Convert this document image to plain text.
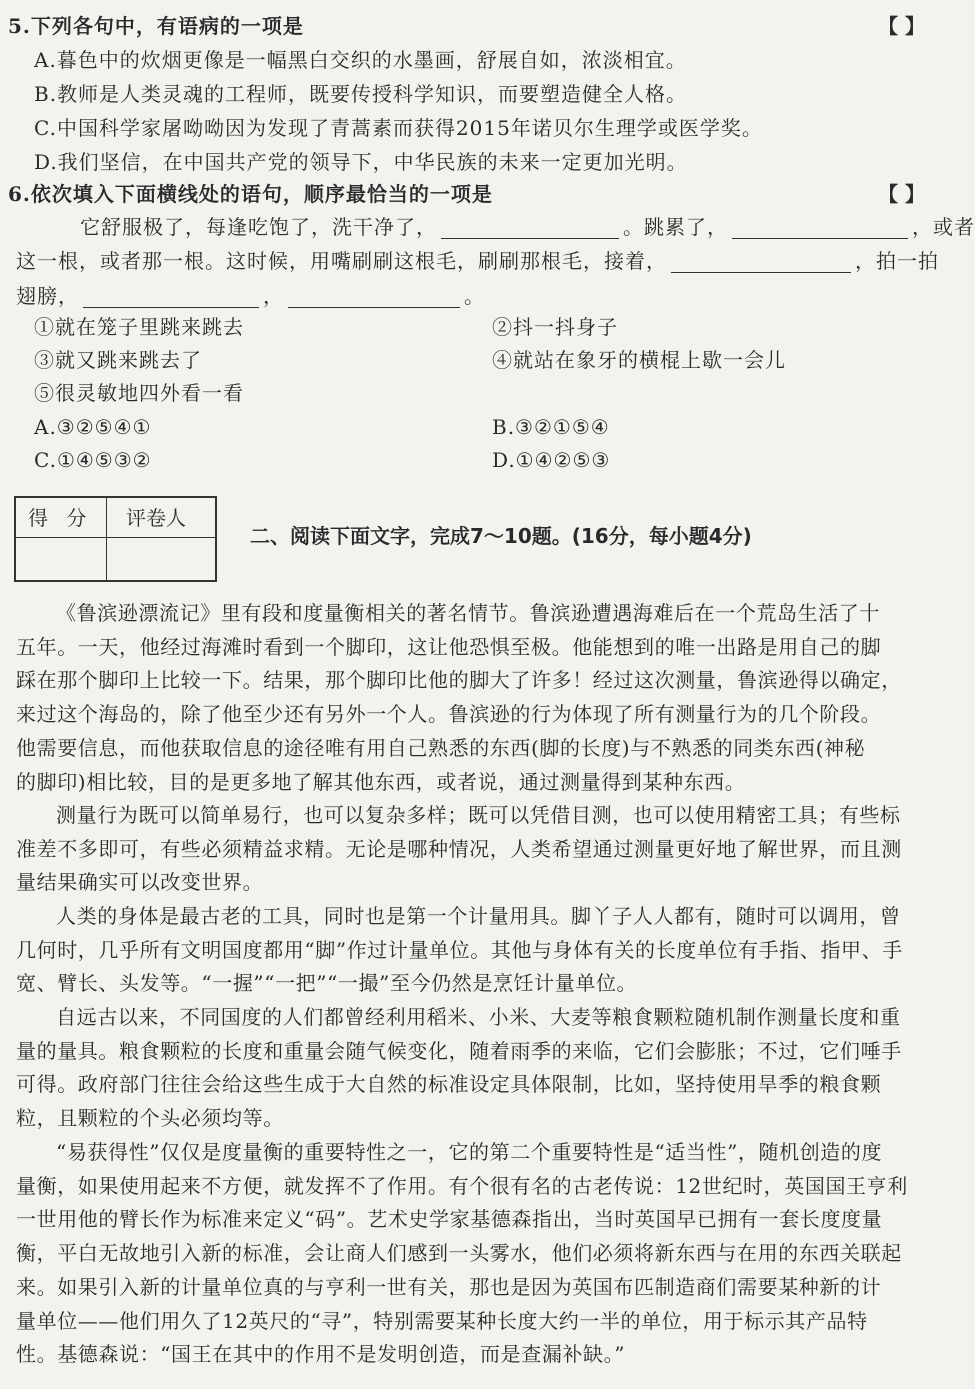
5.下列各句中，有语病的一项是	【 】
A.暮色中的炊烟更像是一幅黑白交织的水墨画，舒展自如，浓淡相宜。
B.教师是人类灵魂的工程师，既要传授科学知识，而要塑造健全人格。
C.中国科学家屠呦呦因为发现了青蒿素而获得2015年诺贝尔生理学或医学奖。
D.我们坚信，在中国共产党的领导下，中华民族的未来一定更加光明。
6.依次填入下面横线处的语句，顺序最恰当的一项是	【 】
它舒服极了，每逢吃饱了，洗干净了，	。跳累了，	，或者
这一根，或者那一根。这时候，用嘴刷刷这根毛，刷刷那根毛，接着，	，拍一拍
翅膀，	，	。
①就在笼子里跳来跳去	②抖一抖身子
③就又跳来跳去了	④就站在象牙的横棍上歇一会儿
⑤很灵敏地四外看一看
A.③②⑤④①	B.③②①⑤④
C.①④⑤③②	D.①④②⑤③
得 分 评卷人
二、阅读下面文字，完成7～10题。(16分，每小题4分)
《鲁滨逊漂流记》里有段和度量衡相关的著名情节。鲁滨逊遭遇海难后在一个荒岛生活了十
五年。一天，他经过海滩时看到一个脚印，这让他恐惧至极。他能想到的唯一出路是用自己的脚
踩在那个脚印上比较一下。结果，那个脚印比他的脚大了许多！经过这次测量，鲁滨逊得以确定，
来过这个海岛的，除了他至少还有另外一个人。鲁滨逊的行为体现了所有测量行为的几个阶段。
他需要信息，而他获取信息的途径唯有用自己熟悉的东西(脚的长度)与不熟悉的同类东西(神秘
的脚印)相比较，目的是更多地了解其他东西，或者说，通过测量得到某种东西。
测量行为既可以简单易行，也可以复杂多样；既可以凭借目测，也可以使用精密工具；有些标
准差不多即可，有些必须精益求精。无论是哪种情况，人类希望通过测量更好地了解世界，而且测
量结果确实可以改变世界。
人类的身体是最古老的工具，同时也是第一个计量用具。脚丫子人人都有，随时可以调用，曾
几何时，几乎所有文明国度都用“脚”作过计量单位。其他与身体有关的长度单位有手指、指甲、手
宽、臂长、头发等。“一握”“一把”“一撮”至今仍然是烹饪计量单位。
自远古以来，不同国度的人们都曾经利用稻米、小米、大麦等粮食颗粒随机制作测量长度和重
量的量具。粮食颗粒的长度和重量会随气候变化，随着雨季的来临，它们会膨胀；不过，它们唾手
可得。政府部门往往会给这些生成于大自然的标准设定具体限制，比如，坚持使用旱季的粮食颗
粒，且颗粒的个头必须均等。
“易获得性”仅仅是度量衡的重要特性之一，它的第二个重要特性是“适当性”，随机创造的度
量衡，如果使用起来不方便，就发挥不了作用。有个很有名的古老传说：12世纪时，英国国王亨利
一世用他的臂长作为标准来定义“码”。艺术史学家基德森指出，当时英国早已拥有一套长度度量
衡，平白无故地引入新的标准，会让商人们感到一头雾水，他们必须将新东西与在用的东西关联起
来。如果引入新的计量单位真的与亨利一世有关，那也是因为英国布匹制造商们需要某种新的计
量单位——他们用久了12英尺的“寻”，特别需要某种长度大约一半的单位，用于标示其产品特
性。基德森说：“国王在其中的作用不是发明创造，而是查漏补缺。”
